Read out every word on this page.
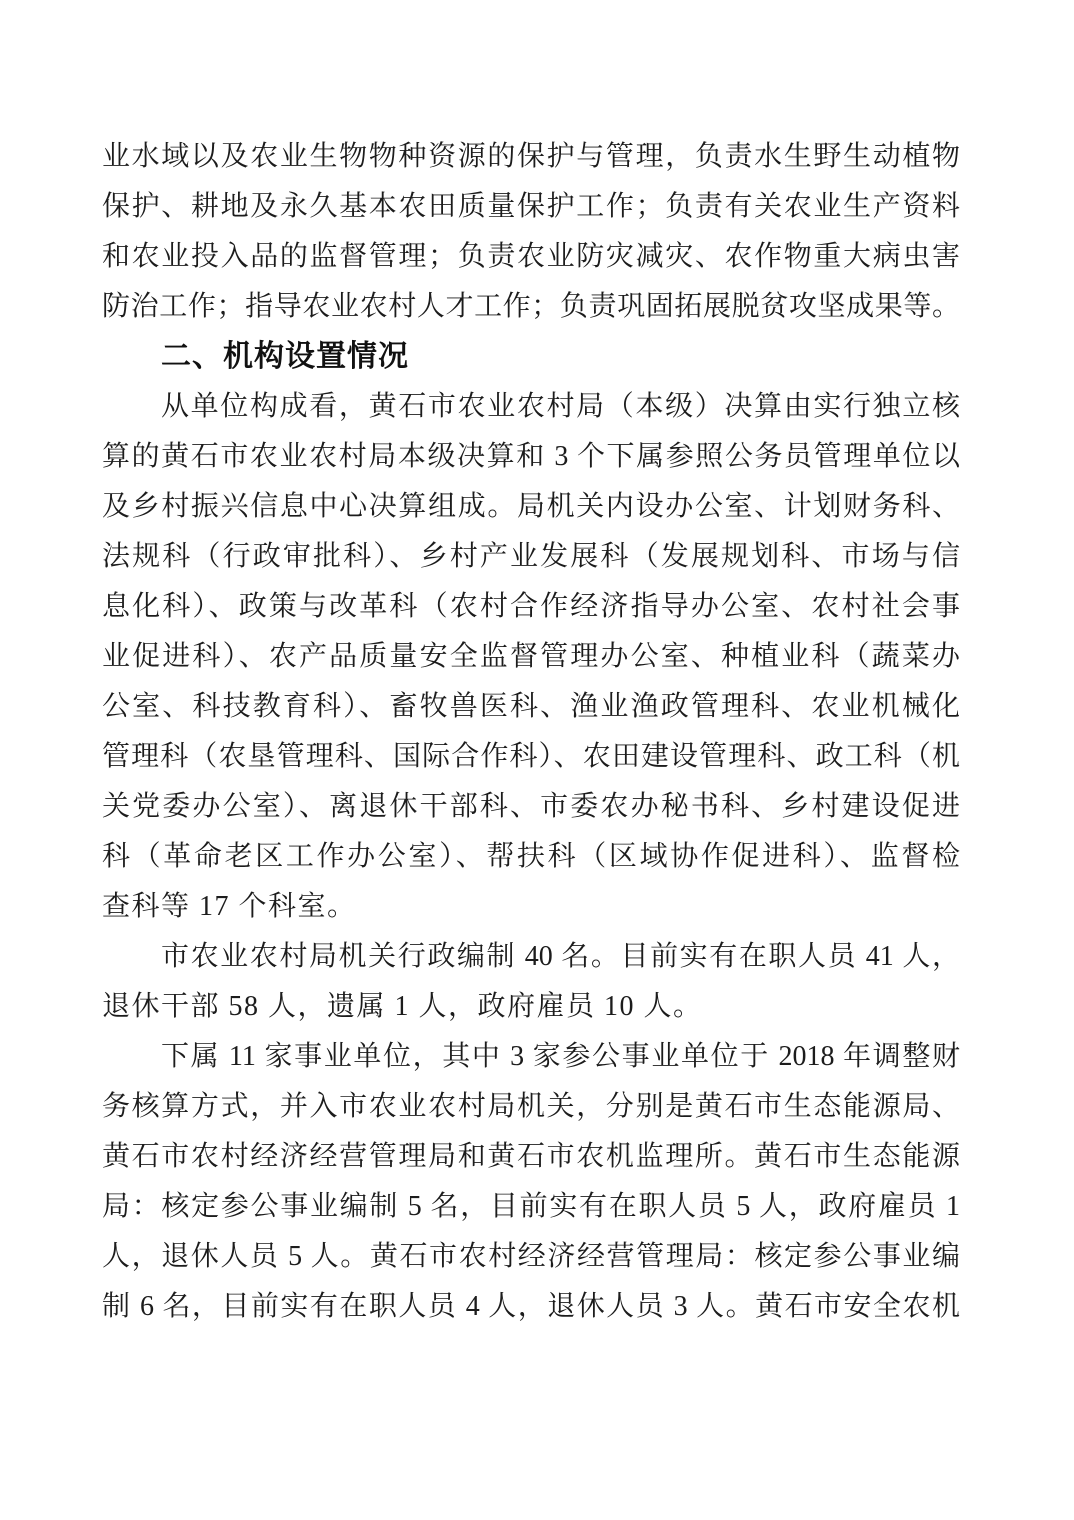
业水域以及农业生物物种资源的保护与管理，负责水生野生动植物
保护、耕地及永久基本农田质量保护工作；负责有关农业生产资料
和农业投入品的监督管理；负责农业防灾减灾、农作物重大病虫害
防治工作；指导农业农村人才工作；负责巩固拓展脱贫攻坚成果等。
二、机构设置情况
从单位构成看，黄石市农业农村局（本级）决算由实行独立核
算的黄石市农业农村局本级决算和 3 个下属参照公务员管理单位以
及乡村振兴信息中心决算组成。局机关内设办公室、计划财务科、
法规科（行政审批科）、乡村产业发展科（发展规划科、市场与信
息化科）、政策与改革科（农村合作经济指导办公室、农村社会事
业促进科）、农产品质量安全监督管理办公室、种植业科（蔬菜办
公室、科技教育科）、畜牧兽医科、渔业渔政管理科、农业机械化
管理科（农垦管理科、国际合作科）、农田建设管理科、政工科（机
关党委办公室）、离退休干部科、市委农办秘书科、乡村建设促进
科（革命老区工作办公室）、帮扶科（区域协作促进科）、监督检
查科等 17 个科室。
市农业农村局机关行政编制 40 名。目前实有在职人员 41 人，
退休干部 58 人，遗属 1 人，政府雇员 10 人。
下属 11 家事业单位，其中 3 家参公事业单位于 2018 年调整财
务核算方式，并入市农业农村局机关，分别是黄石市生态能源局、
黄石市农村经济经营管理局和黄石市农机监理所。黄石市生态能源
局：核定参公事业编制 5 名，目前实有在职人员 5 人，政府雇员 1
人，退休人员 5 人。黄石市农村经济经营管理局：核定参公事业编
制 6 名，目前实有在职人员 4 人，退休人员 3 人。黄石市安全农机
